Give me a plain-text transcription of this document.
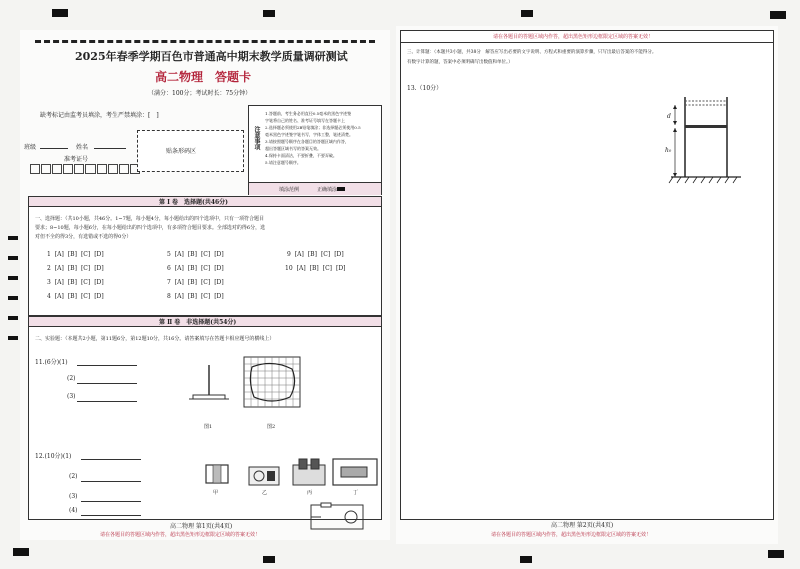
2025年春季学期百色市普通高中期末教学质量调研测试
高二物理　答题卡
（满分：100分；考试时长：75分钟）
缺考标记由监考员填涂，考生严禁填涂：[　]
班级	姓名
准考证号
贴条形码区
注意事项
1.答题前，考生务必用直径0.5毫米的黑色字迹签
字笔将自己的姓名、准考证号填写在答题卡上
2.选择题必须使用2B铅笔填涂；非选择题必须使用0.5
毫米黑色字迹签字笔书写，字体工整，笔迹清楚。
3.请按照题号顺序在各题目的答题区域内作答，
超出答题区域书写的答案无效。
4.保持卡面清洁，不要折叠，不要弄破。
5.请注意题号顺序。
填涂范例	正确填涂
第 Ⅰ 卷　选择题(共46分)
一、选择题：（共10小题，共46分。1~7题，每小题4分，每小题给出的四个选项中，只有一项符合题目
要求；8~10题，每小题6分，在每小题给出的四个选项中，有多项符合题目要求。全部选对的得6分，选
对但不全的得3分，有选错或不选的得0分）
1 [A] [B] [C] [D]
2 [A] [B] [C] [D]
3 [A] [B] [C] [D]
4 [A] [B] [C] [D]
5 [A] [B] [C] [D]
6 [A] [B] [C] [D]
7 [A] [B] [C] [D]
8 [A] [B] [C] [D]
9 [A] [B] [C] [D]
10 [A] [B] [C] [D]
第 Ⅱ 卷　非选择题(共54分)
二、实验题：（本题共2小题，第11题6分，第12题10分，共16分。请答案填写在答题卡相应题号的横线上）
11.(6分)(1)
(2)
(3)
图1	图2
12.(10分)(1)
(2)
(3)
(4)
甲	乙	丙	丁
高二物理 第1页(共4页)
请在各题目的答题区域内作答，超出黑色矩形边框限定区域的答案无效！
请在各题目的答题区域内作答，超出黑色矩形边框限定区域的答案无效！
三、计算题：（本题共3小题，共38分　解答应写出必要的文字说明、方程式和重要的演算步骤，只写出最后答案的不能得分。
有数字计算的题，答案中必须明确写出数值和单位。）
13.（10分）
d
h₀
高二物理 第2页(共4页)
请在各题目的答题区域内作答，超出黑色矩形边框限定区域的答案无效！
